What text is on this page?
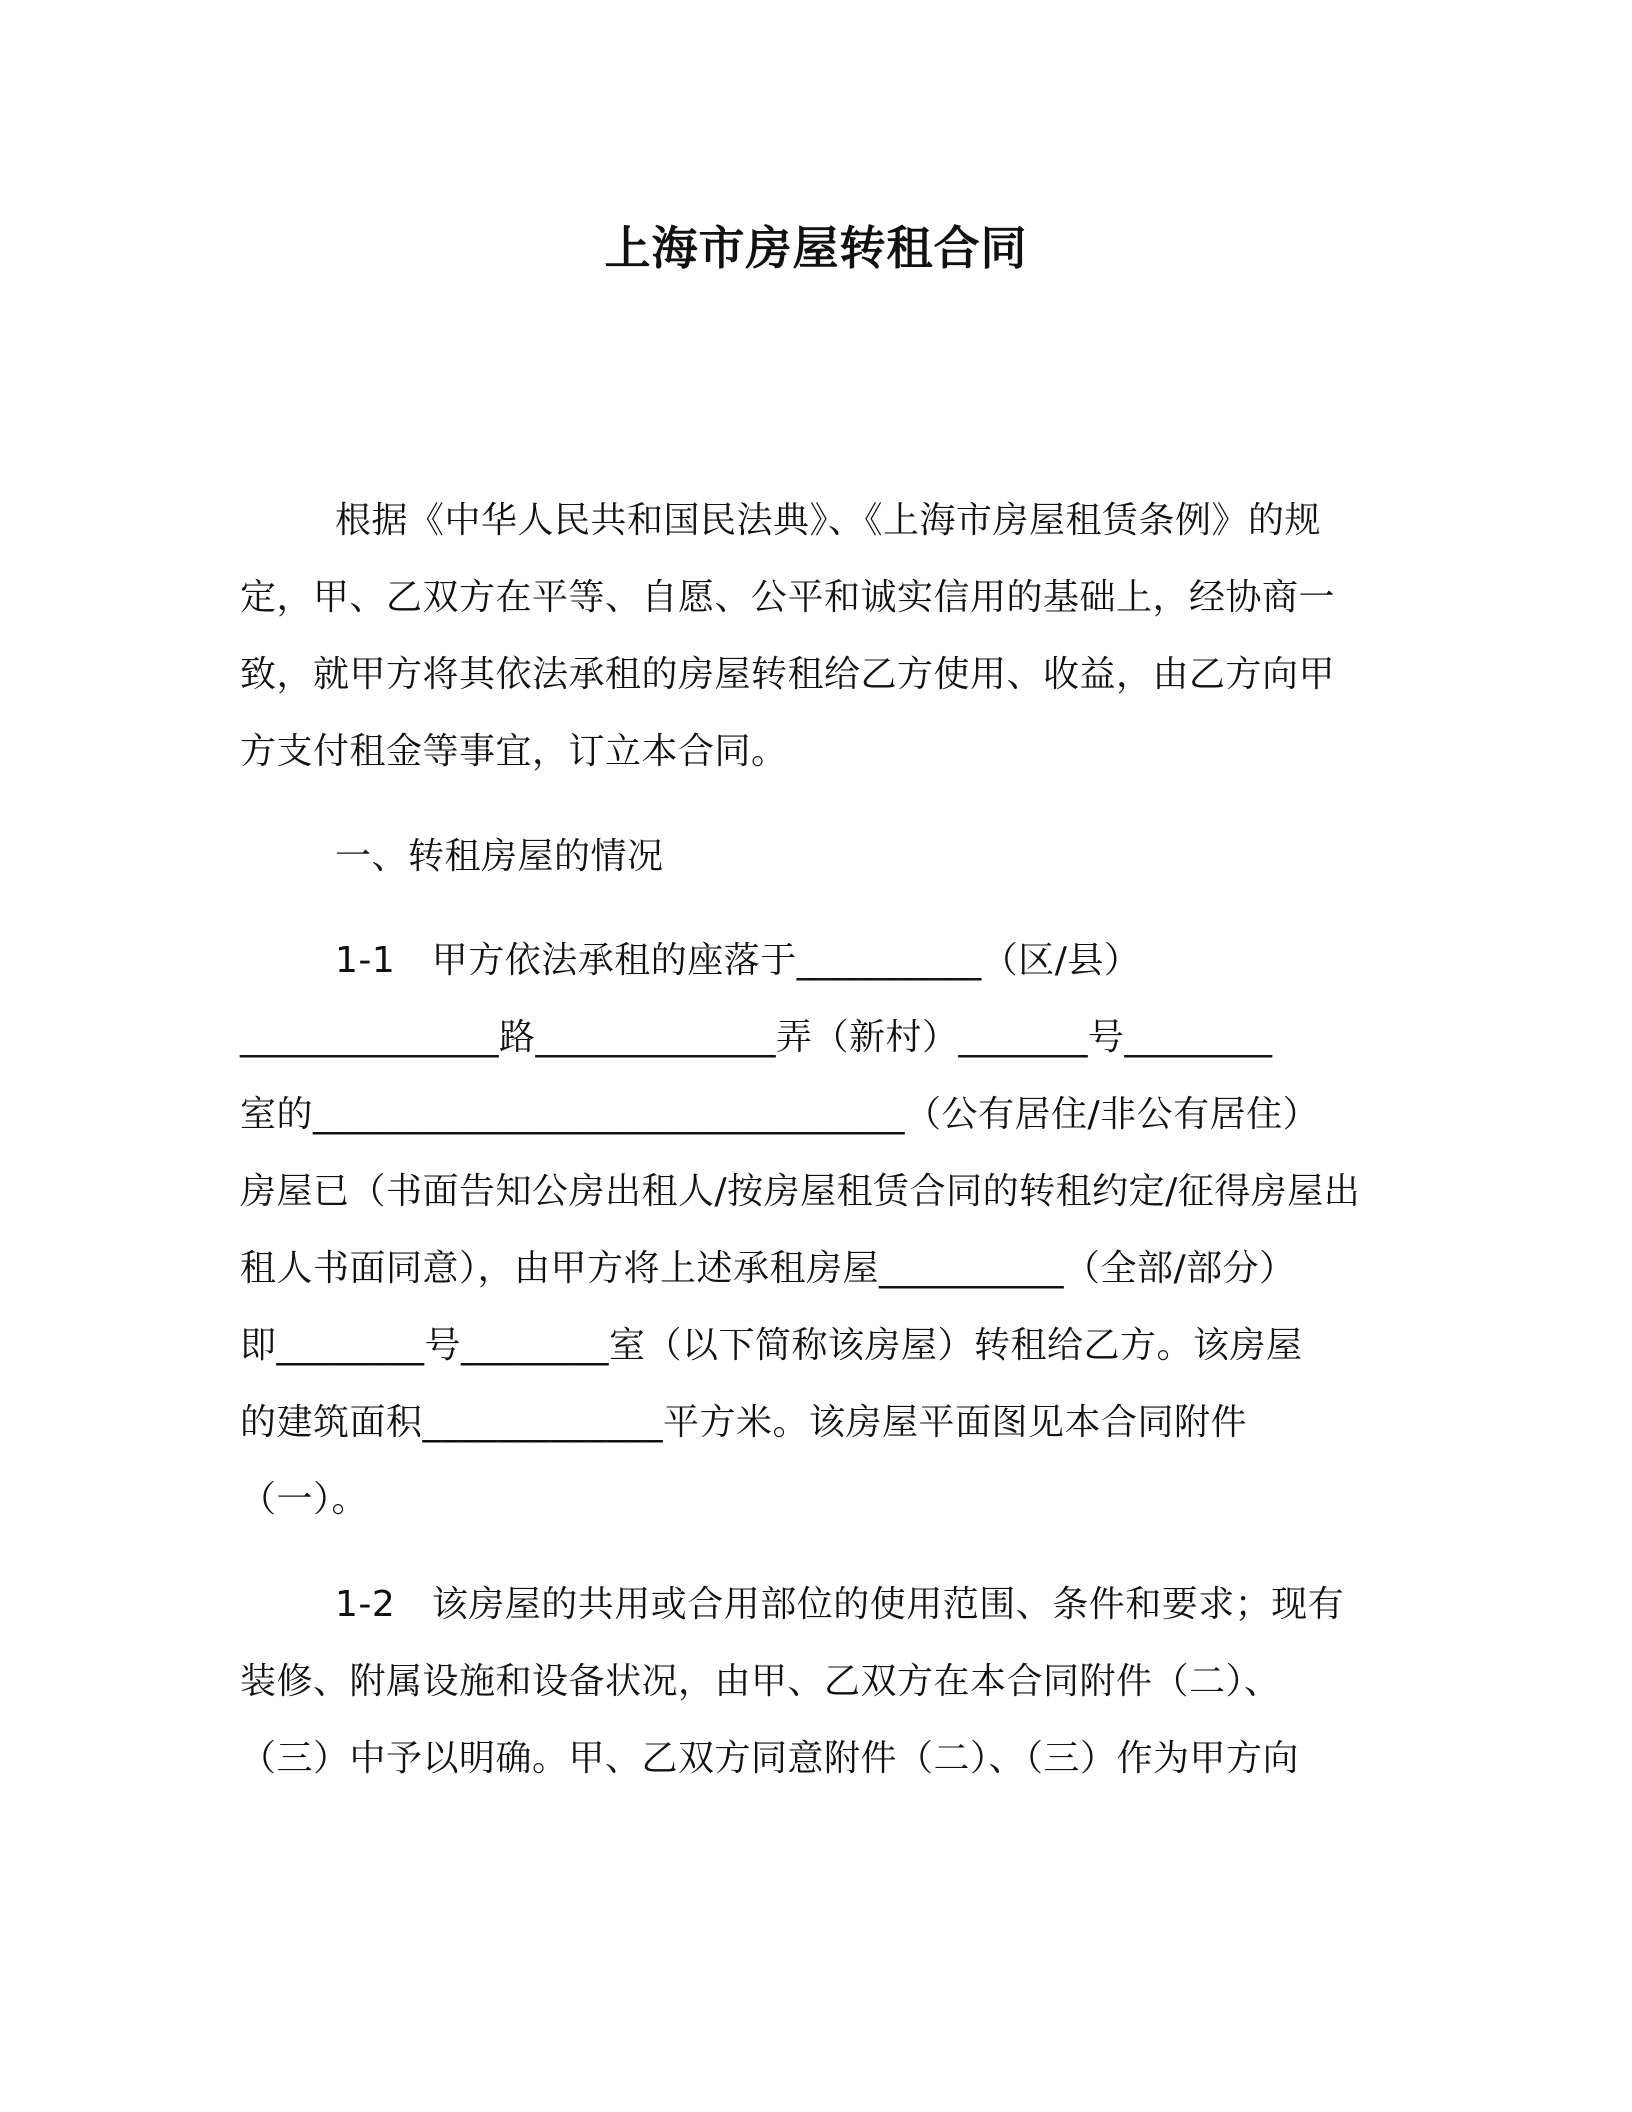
上海市房屋转租合同
根据《中华人民共和国民法典》、《上海市房屋租赁条例》的规
定，甲、乙双方在平等、自愿、公平和诚实信用的基础上，经协商一
致，就甲方将其依法承租的房屋转租给乙方使用、收益，由乙方向甲
方支付租金等事宜，订立本合同。
一、转租房屋的情况
1-1　甲方依法承租的座落于__________（区/县）
______________路_____________弄（新村）_______号________
室的________________________________（公有居住/非公有居住）
房屋已（书面告知公房出租人/按房屋租赁合同的转租约定/征得房屋出
租人书面同意），由甲方将上述承租房屋__________（全部/部分）
即________号________室（以下简称该房屋）转租给乙方。该房屋
的建筑面积_____________平方米。该房屋平面图见本合同附件
（一）。
1-2　该房屋的共用或合用部位的使用范围、条件和要求；现有
装修、附属设施和设备状况，由甲、乙双方在本合同附件（二）、
（三）中予以明确。甲、乙双方同意附件（二）、（三）作为甲方向
